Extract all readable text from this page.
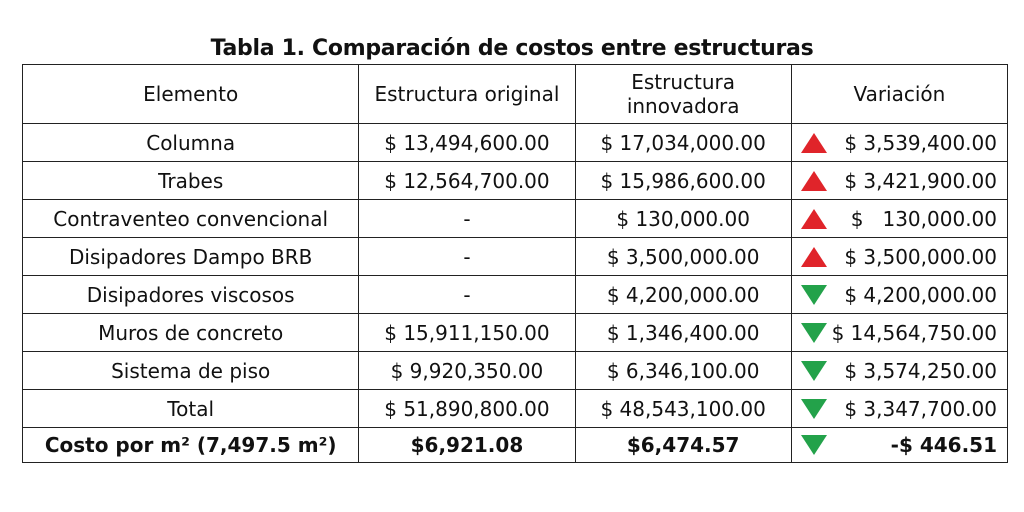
Tabla 1. Comparación de costos entre estructuras
Elemento	Estructura original	Estructura innovadora	Variación
Columna	$ 13,494,600.00	$ 17,034,000.00	$ 3,539,400.00
Trabes	$ 12,564,700.00	$ 15,986,600.00	$ 3,421,900.00
Contraventeo convencional	-	$ 130,000.00	$   130,000.00
Disipadores Dampo BRB	-	$ 3,500,000.00	$ 3,500,000.00
Disipadores viscosos	-	$ 4,200,000.00	$ 4,200,000.00
Muros de concreto	$ 15,911,150.00	$ 1,346,400.00	$ 14,564,750.00
Sistema de piso	$ 9,920,350.00	$ 6,346,100.00	$ 3,574,250.00
Total	$ 51,890,800.00	$ 48,543,100.00	$ 3,347,700.00
Costo por m² (7,497.5 m²)	$6,921.08	$6,474.57	-$ 446.51
